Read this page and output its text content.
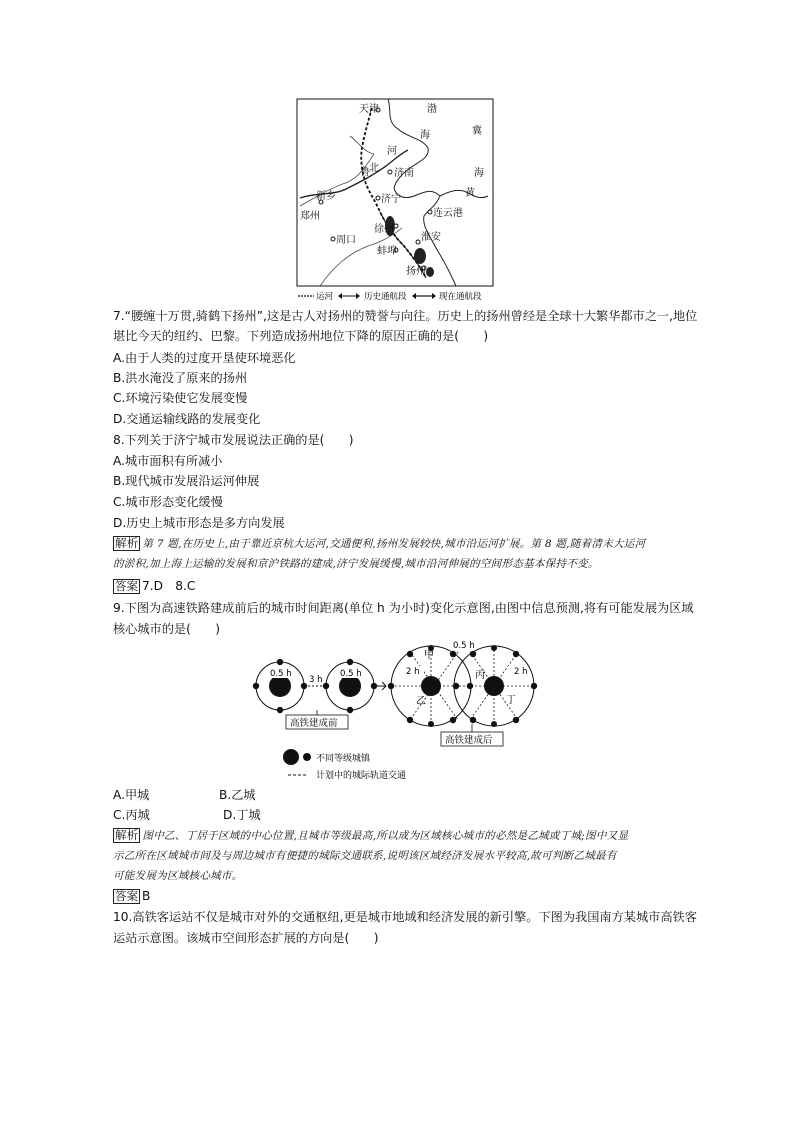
天津	渤
海	冀
河
北
鲁 济南
黄
新乡	济宁
海
郑州	连云港
周口
徐州
淮安
蚌埠
扬州
运河	历史通航段	现在通航段
7.“腰缠十万贯,骑鹤下扬州”,这是古人对扬州的赞誉与向往。历史上的扬州曾经是全球十大繁华都市之一,地位
堪比今天的纽约、巴黎。下列造成扬州地位下降的原因正确的是(　　)
A.由于人类的过度开垦使环境恶化
B.洪水淹没了原来的扬州
C.环境污染使它发展变慢
D.交通运输线路的发展变化
8.下列关于济宁城市发展说法正确的是(　　)
A.城市面积有所减小
B.现代城市发展沿运河伸展
C.城市形态变化缓慢
D.历史上城市形态是多方向发展
解析 第 7 题,在历史上,由于靠近京杭大运河,交通便利,扬州发展较快,城市沿运河扩展。第 8 题,随着清末大运河
的淤积,加上海上运输的发展和京沪铁路的建成,济宁发展缓慢,城市沿河伸展的空间形态基本保持不变。
答案 7.D　8.C
9.下图为高速铁路建成前后的城市时间距离(单位 h 为小时)变化示意图,由图中信息预测,将有可能发展为区域
核心城市的是(　　)
0.5 h	0.5 h
3 h
0.5 h
2 h	2 h
甲
乙
丙
丁
高铁建成前
高铁建成后
不同等级城镇
计划中的城际轨道交通
A.甲城	B.乙城
C.丙城	D.丁城
解析 图中乙、丁居于区域的中心位置,且城市等级最高,所以成为区域核心城市的必然是乙城或丁城;图中又显
示乙所在区域城市间及与周边城市有便捷的城际交通联系,说明该区域经济发展水平较高,故可判断乙城最有
可能发展为区域核心城市。
答案 B
10.高铁客运站不仅是城市对外的交通枢纽,更是城市地域和经济发展的新引擎。下图为我国南方某城市高铁客
运站示意图。该城市空间形态扩展的方向是(　　)
